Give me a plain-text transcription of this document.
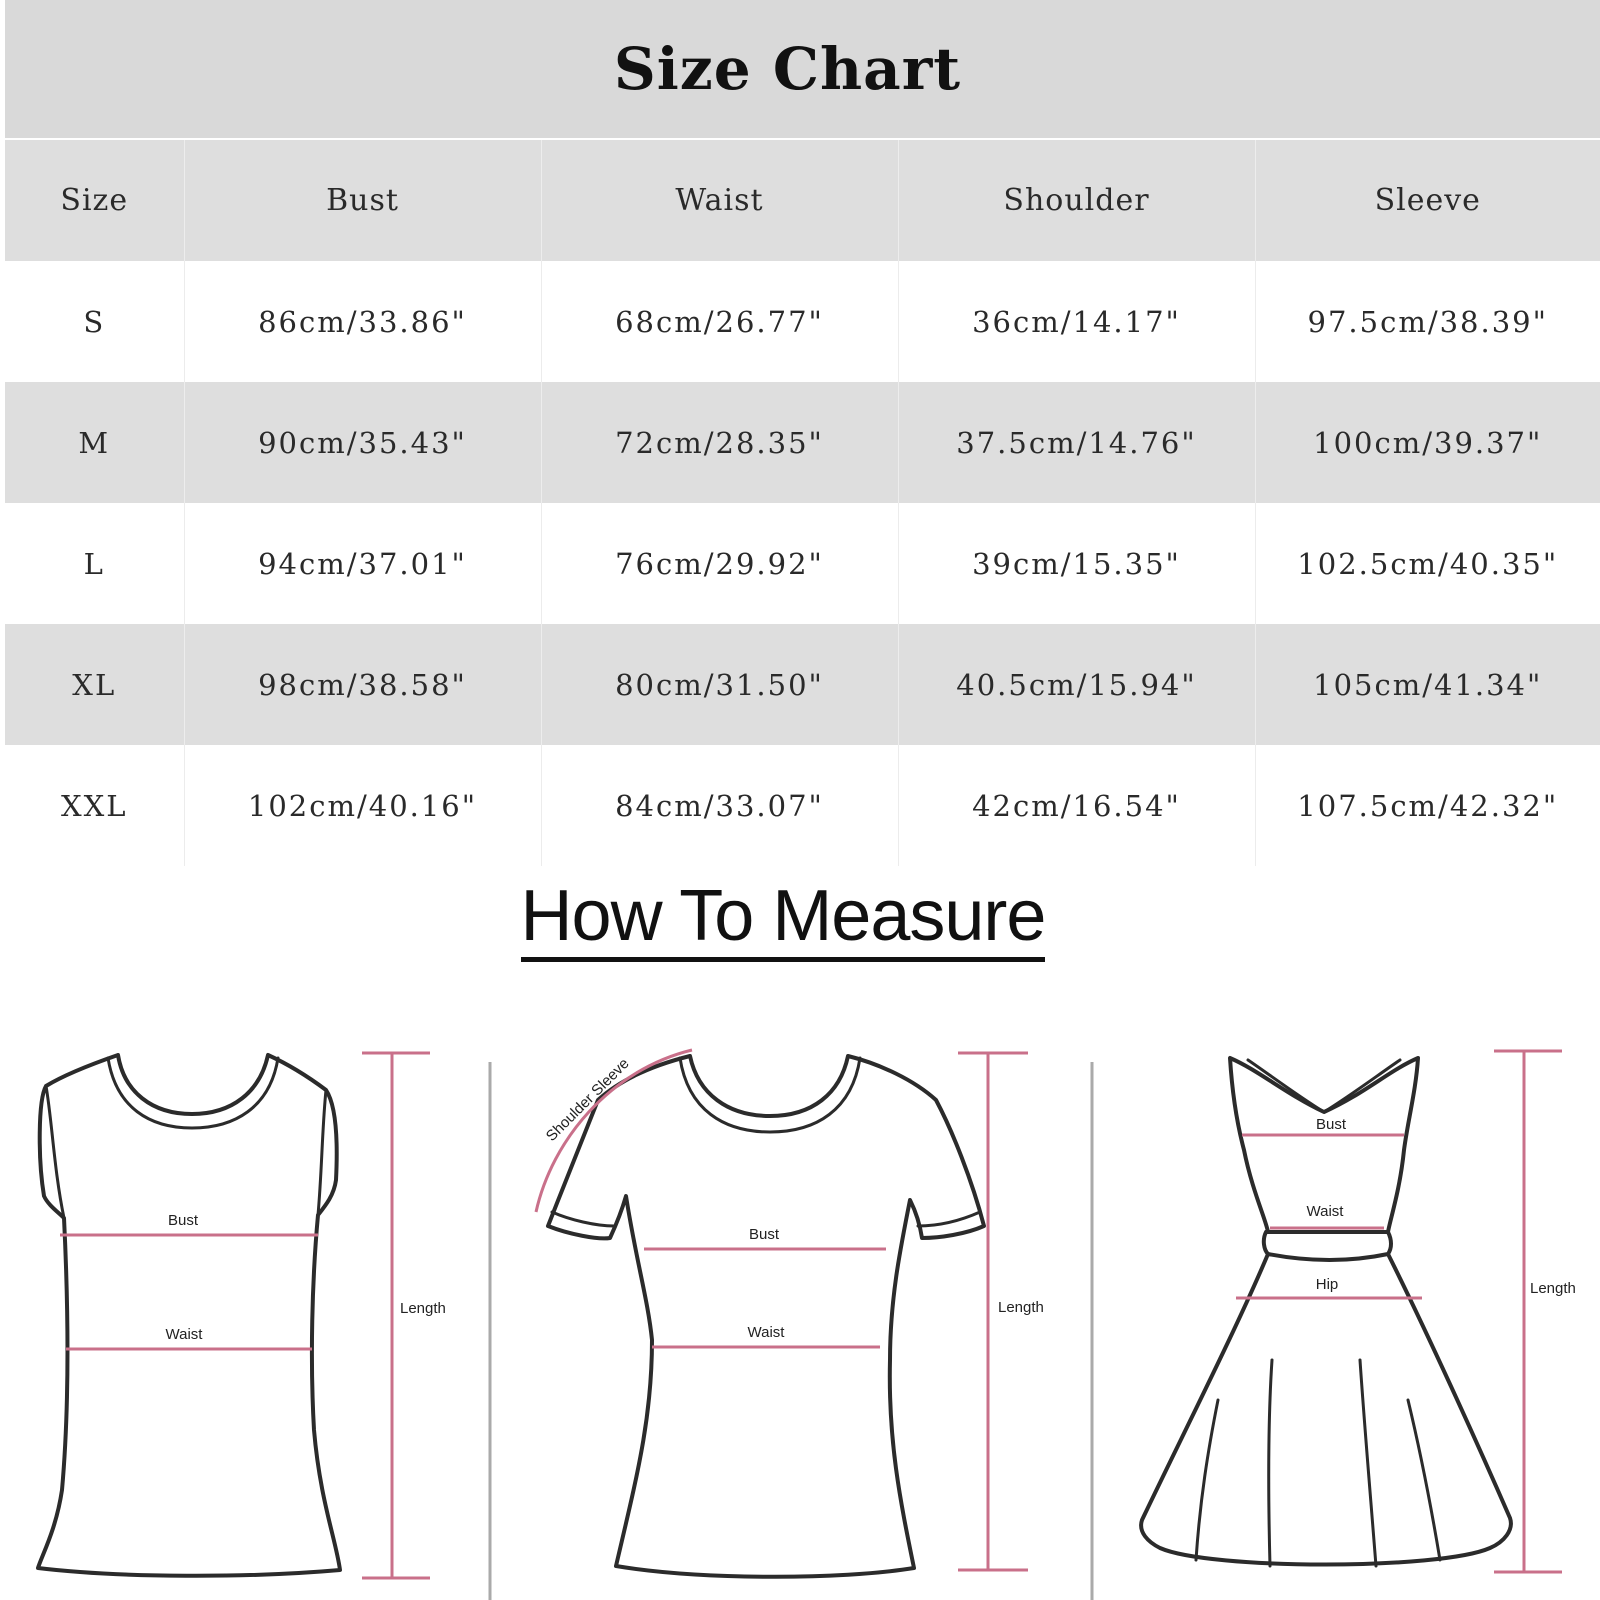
Size Chart
Size	Bust	Waist	Shoulder	Sleeve
S	86cm/33.86"	68cm/26.77"	36cm/14.17"	97.5cm/38.39"
M	90cm/35.43"	72cm/28.35"	37.5cm/14.76"	100cm/39.37"
L	94cm/37.01"	76cm/29.92"	39cm/15.35"	102.5cm/40.35"
XL	98cm/38.58"	80cm/31.50"	40.5cm/15.94"	105cm/41.34"
XXL	102cm/40.16"	84cm/33.07"	42cm/16.54"	107.5cm/42.32"
How To Measure
Bust
Waist
Length
Shoulder Sleeve
Bust
Waist
Length
Bust
Waist
Hip	Length
